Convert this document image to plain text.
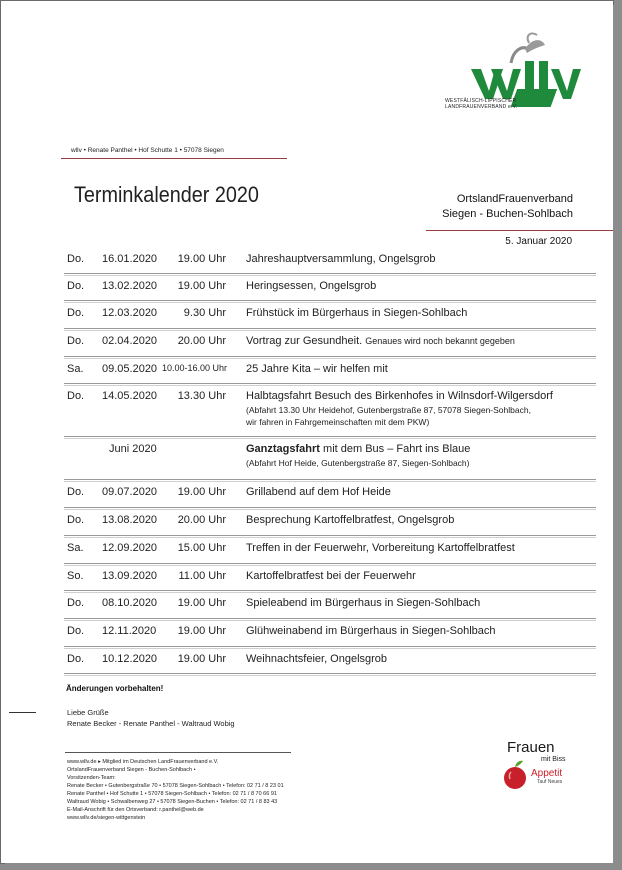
WESTFÄLISCH-LIPPISCHER
LANDFRAUENVERBAND e.V.
wllv • Renate Panthel • Hof Schutte 1 • 57078 Siegen
Terminkalender 2020	OrtslandFrauenverband
Siegen - Buchen-Sohlbach
5. Januar 2020
Do. 16.01.2020	19.00 Uhr Jahreshauptversammlung, Ongelsgrob
Do. 13.02.2020	19.00 Uhr Heringsessen, Ongelsgrob
Do. 12.03.2020	9.30 Uhr Frühstück im Bürgerhaus in Siegen-Sohlbach
Do. 02.04.2020	20.00 Uhr Vortrag zur Gesundheit. Genaues wird noch bekannt gegeben
Sa. 09.05.2020 10.00-16.00 Uhr 25 Jahre Kita – wir helfen mit
Do. 14.05.2020	13.30 Uhr Halbtagsfahrt Besuch des Birkenhofes in Wilnsdorf-Wilgersdorf
(Abfahrt 13.30 Uhr Heidehof, Gutenbergstraße 87, 57078 Siegen-Sohlbach,
wir fahren in Fahrgemeinschaften mit dem PKW)
Juni 2020	Ganztagsfahrt mit dem Bus – Fahrt ins Blaue
(Abfahrt Hof Heide, Gutenbergstraße 87, Siegen-Sohlbach)
Do. 09.07.2020	19.00 Uhr Grillabend auf dem Hof Heide
Do. 13.08.2020	20.00 Uhr Besprechung Kartoffelbratfest, Ongelsgrob
Sa. 12.09.2020	15.00 Uhr Treffen in der Feuerwehr, Vorbereitung Kartoffelbratfest
So. 13.09.2020	11.00 Uhr Kartoffelbratfest bei der Feuerwehr
Do. 08.10.2020	19.00 Uhr Spieleabend im Bürgerhaus in Siegen-Sohlbach
Do. 12.11.2020	19.00 Uhr Glühweinabend im Bürgerhaus in Siegen-Sohlbach
Do. 10.12.2020	19.00 Uhr Weihnachtsfeier, Ongelsgrob
Änderungen vorbehalten!
Liebe Grüße
Renate Becker - Renate Panthel - Waltraud Wobig
www.wllv.de ▸ Mitglied im Deutschen LandFrauenverband e.V.
OrtslandFrauenverband Siegen - Buchen-Sohlbach •
Vorsitzenden-Team:
Renate Becker • Gutenbergstraße 70 • 57078 Siegen-Sohlbach • Telefon: 02 71 / 8 23 01
Renate Panthel • Hof Schutte 1 • 57078 Siegen-Sohlbach • Telefon: 02 71 / 8 70 66 91
Waltraud Wobig • Schwalbenweg 27 • 57078 Siegen-Buchen • Telefon: 02 71 / 8 83 43
E-Mail-Anschrift für den Ortsverband: r.panthel@web.de
www.wllv.de/siegen-wittgenstein
Frauen
mit Biss
Appetit
Tauf Neues
